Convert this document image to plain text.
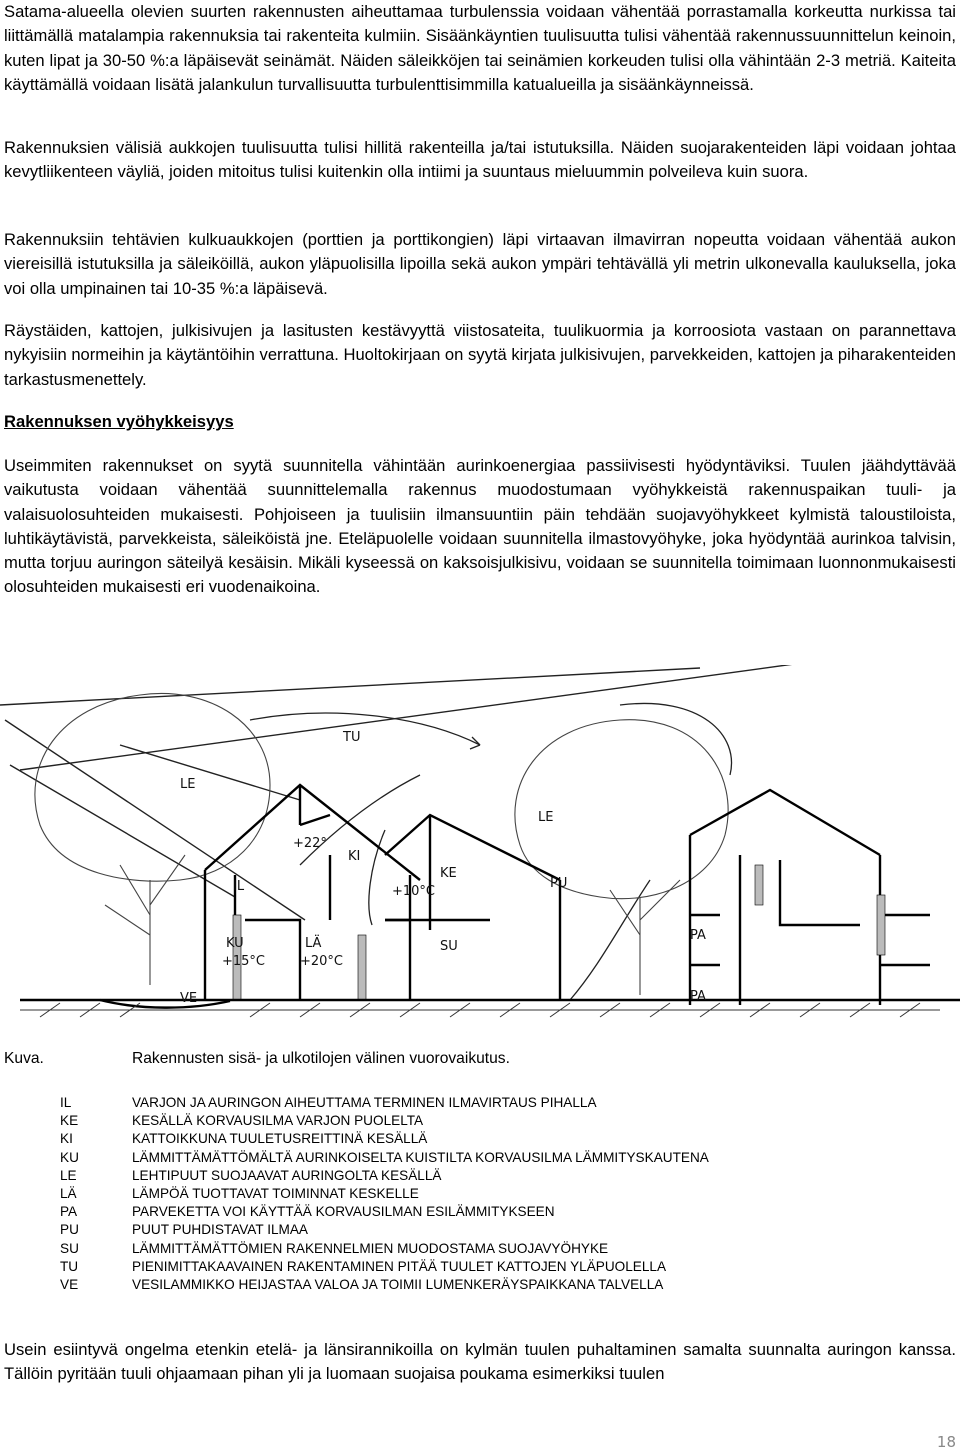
Satama-alueella olevien suurten rakennusten aiheuttamaa turbulenssia voidaan vähentää porrastamalla korkeutta nurkissa tai liittämällä matalampia rakennuksia tai rakenteita kulmiin. Sisäänkäyntien tuulisuutta tulisi vähentää rakennussuunnittelun keinoin, kuten lipat ja 30-50 %:a läpäisevät seinämät. Näiden säleikköjen tai seinämien korkeuden tulisi olla vähintään 2-3 metriä. Kaiteita käyttämällä voidaan lisätä jalankulun turvallisuutta turbulenttisimmilla katualueilla ja sisäänkäynneissä.

Rakennuksien välisiä aukkojen tuulisuutta tulisi hillitä rakenteilla ja/tai istutuksilla. Näiden suojarakenteiden läpi voidaan johtaa kevytliikenteen väyliä, joiden mitoitus tulisi kuitenkin olla intiimi ja suuntaus mieluummin polveileva kuin suora.

Rakennuksiin tehtävien kulkuaukkojen (porttien ja porttikongien) läpi virtaavan ilmavirran nopeutta voidaan vähentää aukon viereisillä istutuksilla ja säleiköillä, aukon yläpuolisilla lipoilla sekä aukon ympäri tehtävällä yli metrin ulkonevalla kauluksella, joka voi olla umpinainen tai 10-35 %:a läpäisevä.

Räystäiden, kattojen, julkisivujen ja lasitusten kestävyyttä viistosateita, tuulikuormia ja korroosiota vastaan on parannettava nykyisiin normeihin ja käytäntöihin verrattuna. Huoltokirjaan on syytä kirjata julkisivujen, parvekkeiden, kattojen ja piharakenteiden tarkastusmenettely.

Rakennuksen vyöhykkeisyys

Useimmiten rakennukset on syytä suunnitella vähintään aurinkoenergiaa passiivisesti hyödyntäviksi. Tuulen jäähdyttävää vaikutusta voidaan vähentää suunnittelemalla rakennus muodostumaan vyöhykkeistä rakennuspaikan tuuli- ja valaisuolosuhteiden mukaisesti. Pohjoiseen ja tuulisiin ilmansuuntiin päin tehdään suojavyöhykkeet kylmistä taloustiloista, luhtikäytävistä, parvekkeista, säleiköistä jne. Eteläpuolelle voidaan suunnitella ilmastovyöhyke, joka hyödyntää aurinkoa talvisin, mutta torjuu auringon säteilyä kesäisin. Mikäli kyseessä on kaksoisjulkisivu, voidaan se suunnitella toimimaan luonnonmukaisesti olosuhteiden mukaisesti eri vuodenaikoina.

TU
LE
LE
+22°
KE
PU
+10°C
IL
KI
KU
+15°C
LÄ
+20°C
SU
VE
PA
PA
Kuva.	Rakennusten sisä- ja ulkotilojen välinen vuorovaikutus.
IL	VARJON JA AURINGON AIHEUTTAMA TERMINEN ILMAVIRTAUS PIHALLA
KE	KESÄLLÄ KORVAUSILMA VARJON PUOLELTA
KI	KATTOIKKUNA TUULETUSREITTINÄ KESÄLLÄ
KU	LÄMMITTÄMÄTTÖMÄLTÄ AURINKOISELTA KUISTILTA KORVAUSILMA LÄMMITYSKAUTENA
LE	LEHTIPUUT SUOJAAVAT AURINGOLTA KESÄLLÄ
LÄ	LÄMPÖÄ TUOTTAVAT TOIMINNAT KESKELLE
PA	PARVEKETTA VOI KÄYTTÄÄ KORVAUSILMAN ESILÄMMITYKSEEN
PU	PUUT PUHDISTAVAT ILMAA
SU	LÄMMITTÄMÄTTÖMIEN RAKENNELMIEN MUODOSTAMA SUOJAVYÖHYKE
TU	PIENIMITTAKAAVAINEN RAKENTAMINEN PITÄÄ TUULET KATTOJEN YLÄPUOLELLA
VE	VESILAMMIKKO HEIJASTAA VALOA JA TOIMII LUMENKERÄYSPAIKKANA TALVELLA

Usein esiintyvä ongelma etenkin etelä- ja länsirannikoilla on kylmän tuulen puhaltaminen samalta suunnalta auringon kanssa. Tällöin pyritään tuuli ohjaamaan pihan yli ja luomaan suojaisa poukama esimerkiksi tuulen

18
